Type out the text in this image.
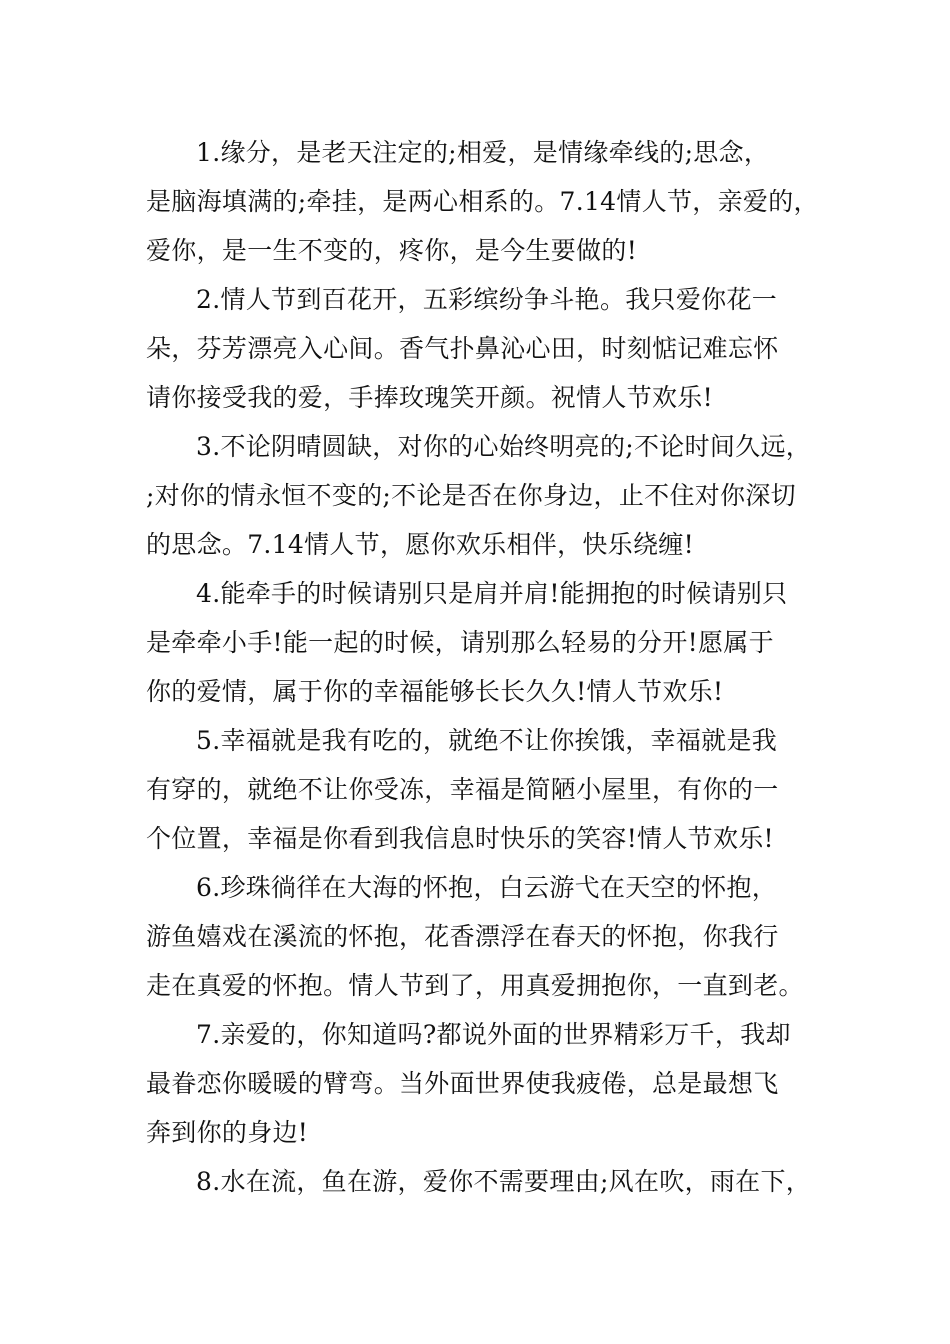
1.缘分，是老天注定的;相爱，是情缘牵线的;思念，
是脑海填满的;牵挂，是两心相系的。7.14情人节，亲爱的，
爱你，是一生不变的，疼你，是今生要做的!

2.情人节到百花开，五彩缤纷争斗艳。我只爱你花一
朵，芬芳漂亮入心间。香气扑鼻沁心田，时刻惦记难忘怀
请你接受我的爱，手捧玫瑰笑开颜。祝情人节欢乐!

3.不论阴晴圆缺，对你的心始终明亮的;不论时间久远，
;对你的情永恒不变的;不论是否在你身边，止不住对你深切
的思念。7.14情人节，愿你欢乐相伴，快乐绕缠!

4.能牵手的时候请别只是肩并肩!能拥抱的时候请别只
是牵牵小手!能一起的时候，请别那么轻易的分开!愿属于
你的爱情，属于你的幸福能够长长久久!情人节欢乐!

5.幸福就是我有吃的，就绝不让你挨饿，幸福就是我
有穿的，就绝不让你受冻，幸福是简陋小屋里，有你的一
个位置，幸福是你看到我信息时快乐的笑容!情人节欢乐!

6.珍珠徜徉在大海的怀抱，白云游弋在天空的怀抱，
游鱼嬉戏在溪流的怀抱，花香漂浮在春天的怀抱，你我行
走在真爱的怀抱。情人节到了，用真爱拥抱你，一直到老。

7.亲爱的，你知道吗?都说外面的世界精彩万千，我却
最眷恋你暖暖的臂弯。当外面世界使我疲倦，总是最想飞
奔到你的身边!

8.水在流，鱼在游，爱你不需要理由;风在吹，雨在下，
